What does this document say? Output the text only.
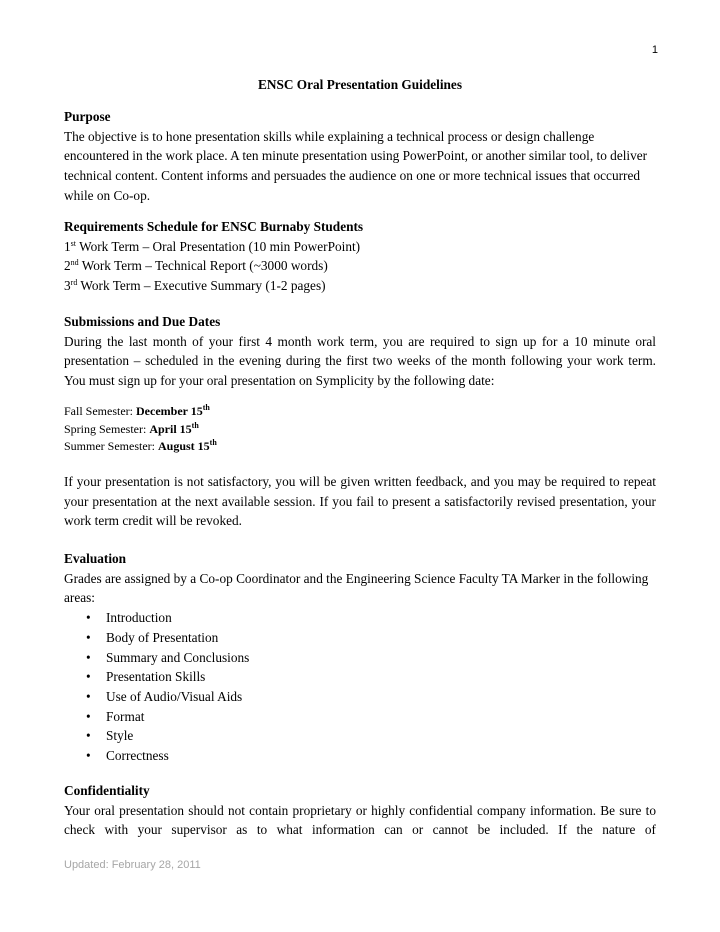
1
ENSC Oral Presentation Guidelines
Purpose
The objective is to hone presentation skills while explaining a technical process or design challenge encountered in the work place. A ten minute presentation using PowerPoint, or another similar tool, to deliver technical content. Content informs and persuades the audience on one or more technical issues that occurred while on Co-op.
Requirements Schedule for ENSC Burnaby Students
1st Work Term – Oral Presentation (10 min PowerPoint)
2nd Work Term – Technical Report (~3000 words)
3rd Work Term – Executive Summary (1-2 pages)
Submissions and Due Dates
During the last month of your first 4 month work term, you are required to sign up for a 10 minute oral presentation – scheduled in the evening during the first two weeks of the month following your work term. You must sign up for your oral presentation on Symplicity by the following date:
Fall Semester: December 15th
Spring Semester: April 15th
Summer Semester: August 15th
If your presentation is not satisfactory, you will be given written feedback, and you may be required to repeat your presentation at the next available session. If you fail to present a satisfactorily revised presentation, your work term credit will be revoked.
Evaluation
Grades are assigned by a Co-op Coordinator and the Engineering Science Faculty TA Marker in the following areas:
• Introduction
• Body of Presentation
• Summary and Conclusions
• Presentation Skills
• Use of Audio/Visual Aids
• Format
• Style
• Correctness
Confidentiality
Your oral presentation should not contain proprietary or highly confidential company information. Be sure to check with your supervisor as to what information can or cannot be included. If the nature of
Updated: February 28, 2011
